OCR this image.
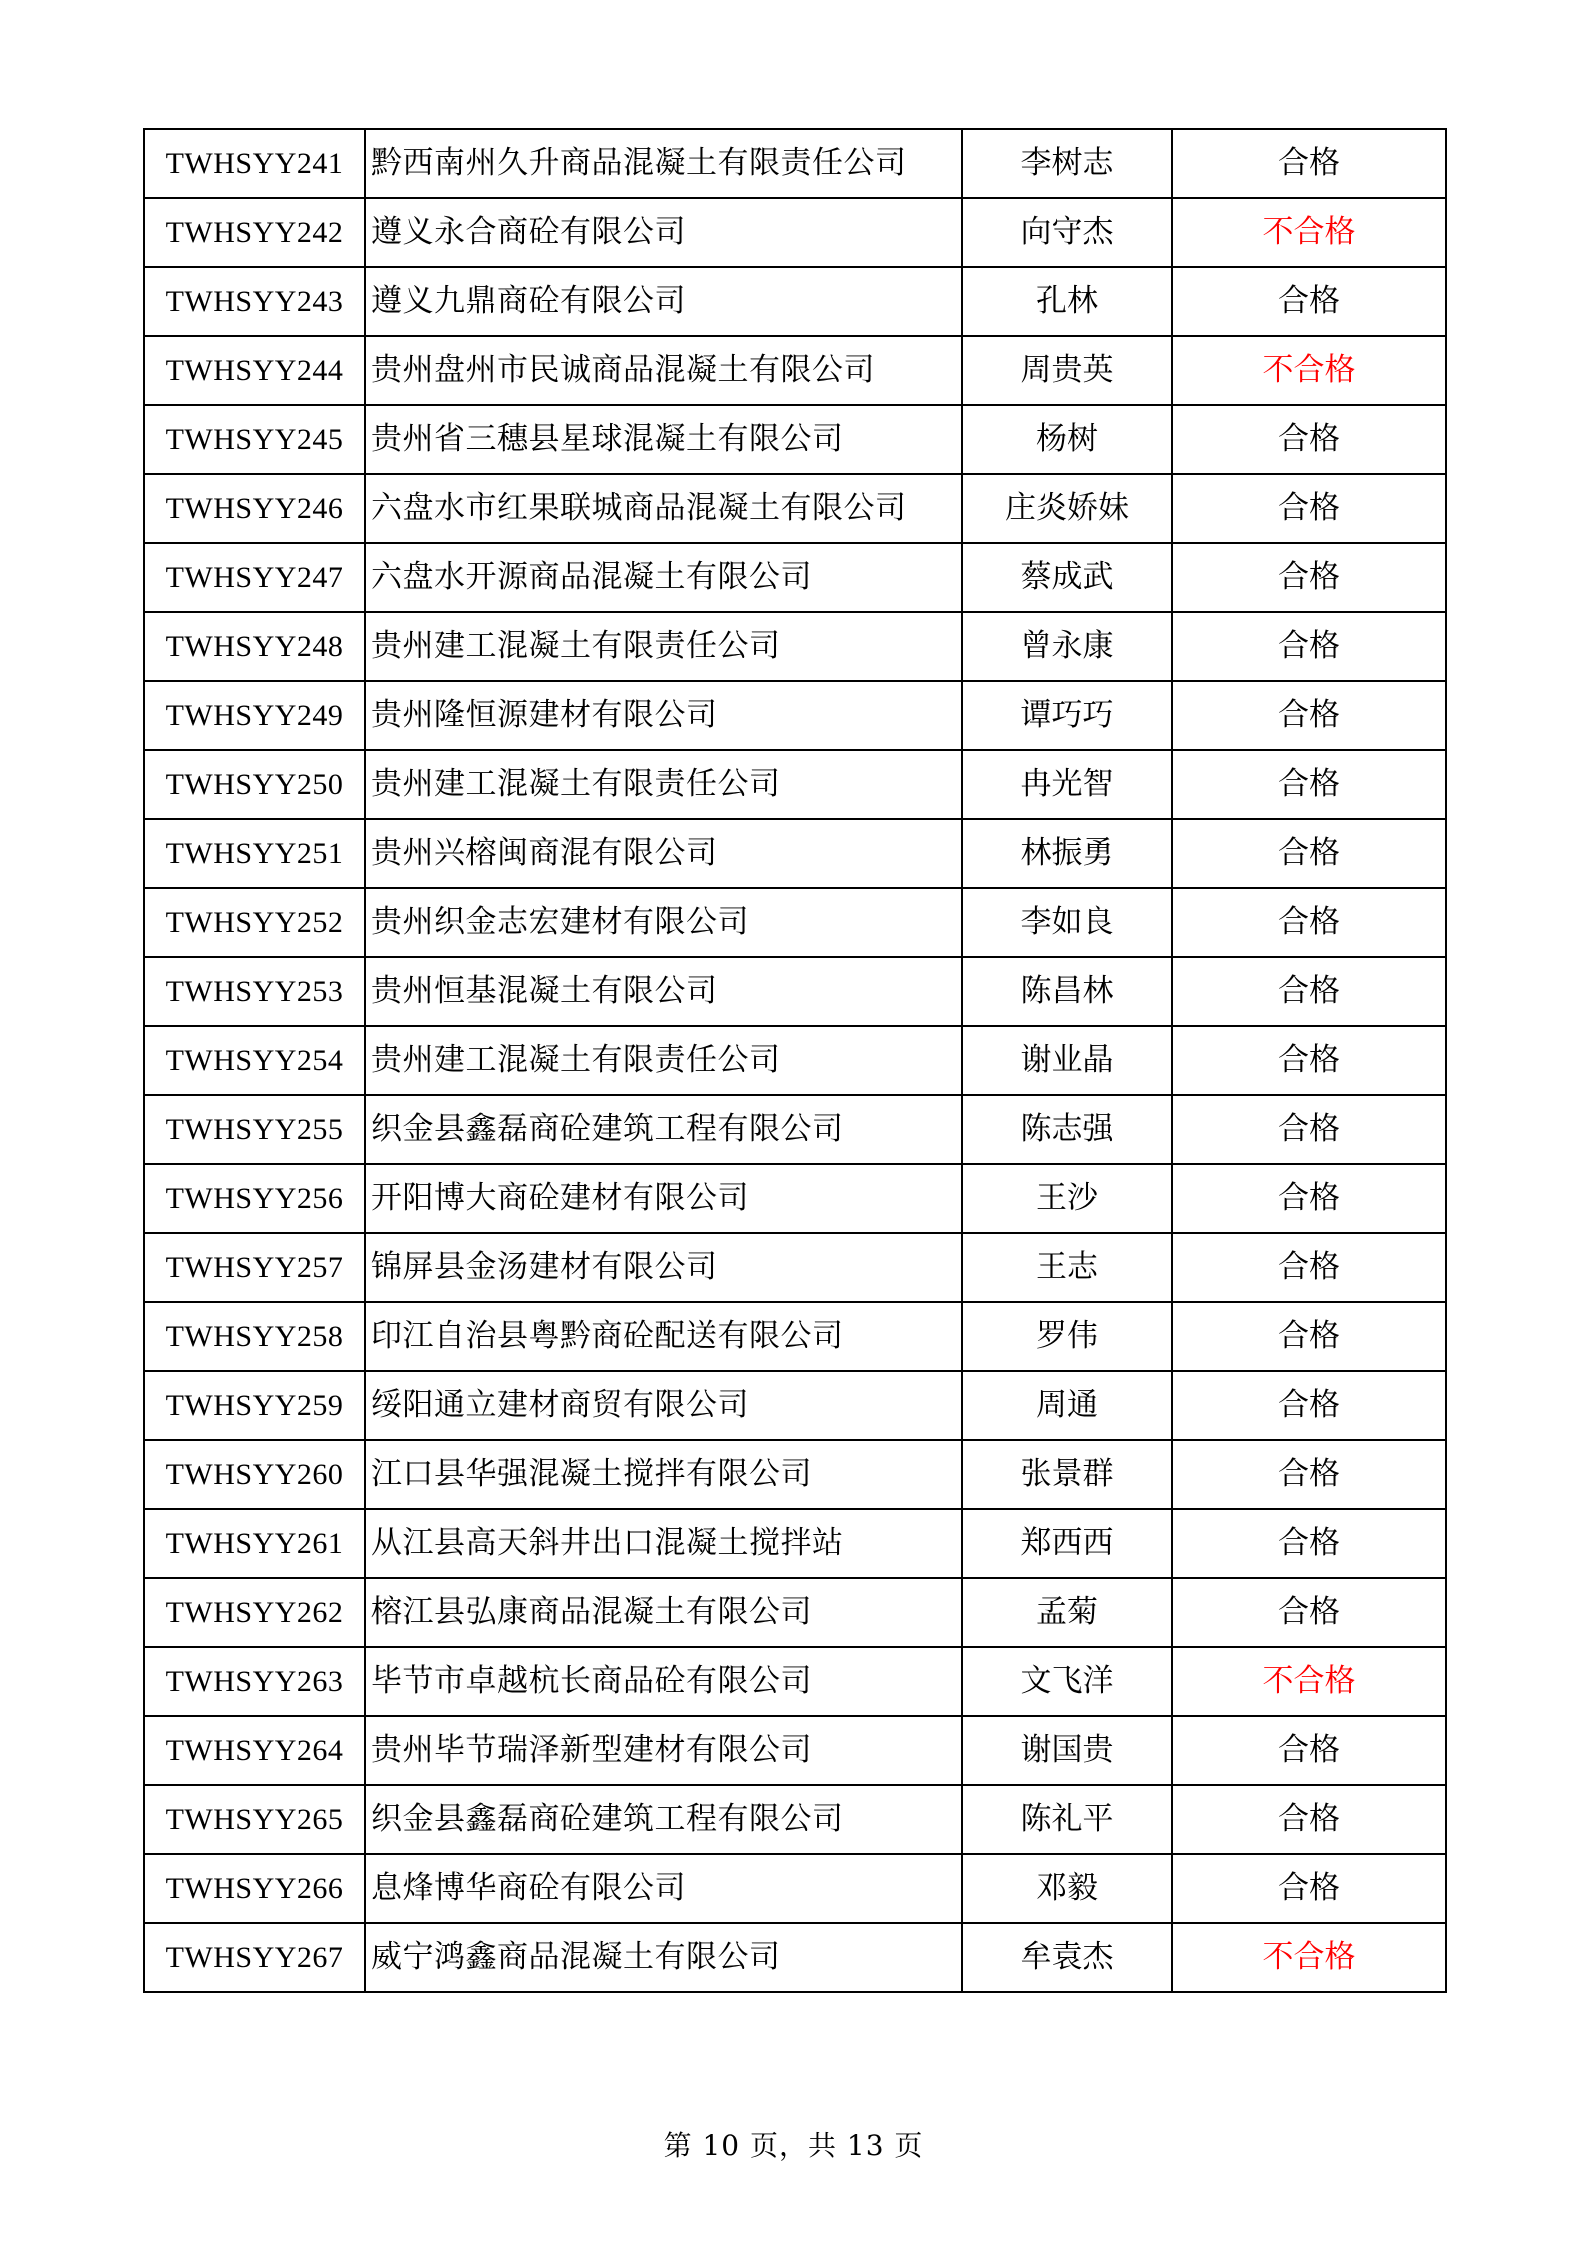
TWHSYY241	黔西南州久升商品混凝土有限责任公司	李树志	合格
TWHSYY242	遵义永合商砼有限公司	向守杰	不合格
TWHSYY243	遵义九鼎商砼有限公司	孔林	合格
TWHSYY244	贵州盘州市民诚商品混凝土有限公司	周贵英	不合格
TWHSYY245	贵州省三穗县星球混凝土有限公司	杨树	合格
TWHSYY246	六盘水市红果联城商品混凝土有限公司	庄炎娇妹	合格
TWHSYY247	六盘水开源商品混凝土有限公司	蔡成武	合格
TWHSYY248	贵州建工混凝土有限责任公司	曾永康	合格
TWHSYY249	贵州隆恒源建材有限公司	谭巧巧	合格
TWHSYY250	贵州建工混凝土有限责任公司	冉光智	合格
TWHSYY251	贵州兴榕闽商混有限公司	林振勇	合格
TWHSYY252	贵州织金志宏建材有限公司	李如良	合格
TWHSYY253	贵州恒基混凝土有限公司	陈昌林	合格
TWHSYY254	贵州建工混凝土有限责任公司	谢业晶	合格
TWHSYY255	织金县鑫磊商砼建筑工程有限公司	陈志强	合格
TWHSYY256	开阳博大商砼建材有限公司	王沙	合格
TWHSYY257	锦屏县金汤建材有限公司	王志	合格
TWHSYY258	印江自治县粤黔商砼配送有限公司	罗伟	合格
TWHSYY259	绥阳通立建材商贸有限公司	周通	合格
TWHSYY260	江口县华强混凝土搅拌有限公司	张景群	合格
TWHSYY261	从江县高天斜井出口混凝土搅拌站	郑西西	合格
TWHSYY262	榕江县弘康商品混凝土有限公司	孟菊	合格
TWHSYY263	毕节市卓越杭长商品砼有限公司	文飞洋	不合格
TWHSYY264	贵州毕节瑞泽新型建材有限公司	谢国贵	合格
TWHSYY265	织金县鑫磊商砼建筑工程有限公司	陈礼平	合格
TWHSYY266	息烽博华商砼有限公司	邓毅	合格
TWHSYY267	威宁鸿鑫商品混凝土有限公司	牟袁杰	不合格
第 10 页，共 13 页
